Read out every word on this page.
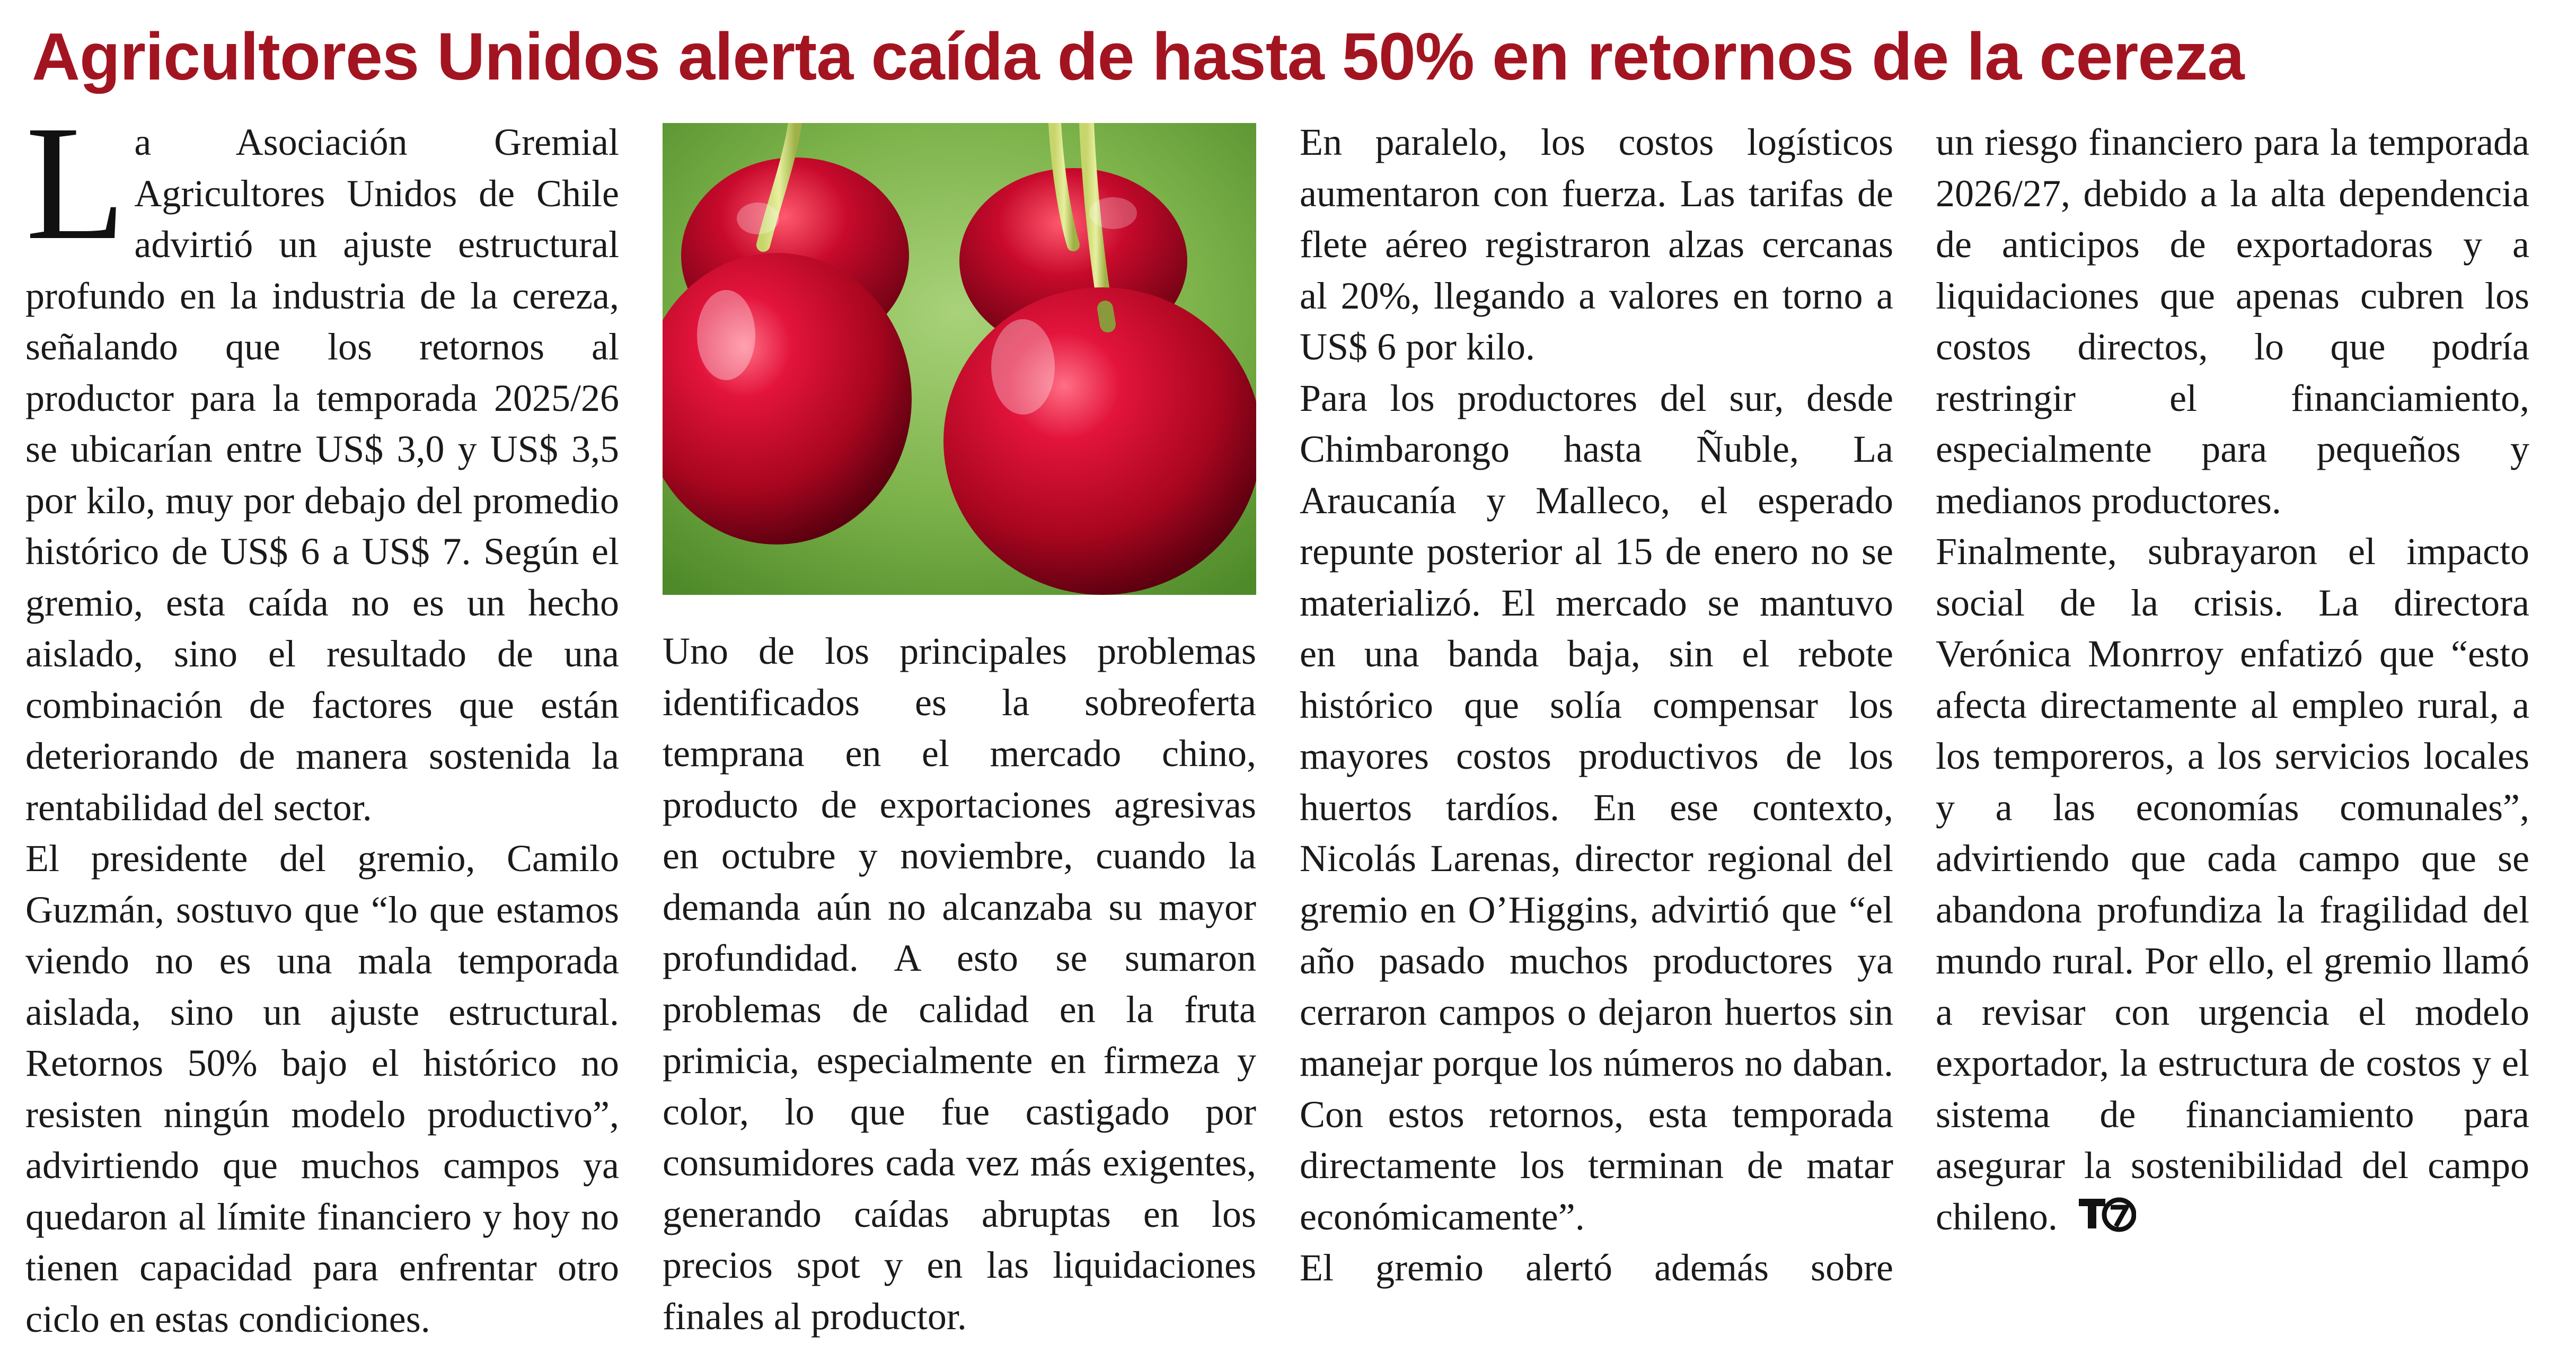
Agricultores Unidos alerta caída de hasta 50% en retornos de la cereza

La Asociación Gremial Agricultores Unidos de Chile advirtió un ajuste estructural profundo en la industria de la cereza, señalando que los retornos al productor para la temporada 2025/26 se ubicarían entre US$ 3,0 y US$ 3,5 por kilo, muy por debajo del promedio histórico de US$ 6 a US$ 7. Según el gremio, esta caída no es un hecho aislado, sino el resultado de una combinación de factores que están deteriorando de manera sostenida la rentabilidad del sector.

El presidente del gremio, Camilo Guzmán, sostuvo que “lo que estamos viendo no es una mala temporada aislada, sino un ajuste estructural. Retornos 50% bajo el histórico no resisten ningún modelo productivo”, advirtiendo que muchos campos ya quedaron al límite financiero y hoy no tienen capacidad para enfrentar otro ciclo en estas condiciones.

Uno de los principales problemas identificados es la sobreoferta temprana en el mercado chino, producto de exportaciones agresivas en octubre y noviembre, cuando la demanda aún no alcanzaba su mayor profundidad. A esto se sumaron problemas de calidad en la fruta primicia, especialmente en firmeza y color, lo que fue castigado por consumidores cada vez más exigentes, generando caídas abruptas en los precios spot y en las liquidaciones finales al productor.

En paralelo, los costos logísticos aumentaron con fuerza. Las tarifas de flete aéreo registraron alzas cercanas al 20%, llegando a valores en torno a US$ 6 por kilo.

Para los productores del sur, desde Chimbarongo hasta Ñuble, La Araucanía y Malleco, el esperado repunte posterior al 15 de enero no se materializó. El mercado se mantuvo en una banda baja, sin el rebote histórico que solía compensar los mayores costos productivos de los huertos tardíos. En ese contexto, Nicolás Larenas, director regional del gremio en O’Higgins, advirtió que “el año pasado muchos productores ya cerraron campos o dejaron huertos sin manejar porque los números no daban. Con estos retornos, esta temporada directamente los terminan de matar económicamente”.

El gremio alertó además sobre

un riesgo financiero para la temporada 2026/27, debido a la alta dependencia de anticipos de exportadoras y a liquidaciones que apenas cubren los costos directos, lo que podría restringir el financiamiento, especialmente para pequeños y medianos productores.

Finalmente, subrayaron el impacto social de la crisis. La directora Verónica Monrroy enfatizó que “esto afecta directamente al empleo rural, a los temporeros, a los servicios locales y a las economías comunales”, advirtiendo que cada campo que se abandona profundiza la fragilidad del mundo rural. Por ello, el gremio llamó a revisar con urgencia el modelo exportador, la estructura de costos y el sistema de financiamiento para asegurar la sostenibilidad del campo chileno.
